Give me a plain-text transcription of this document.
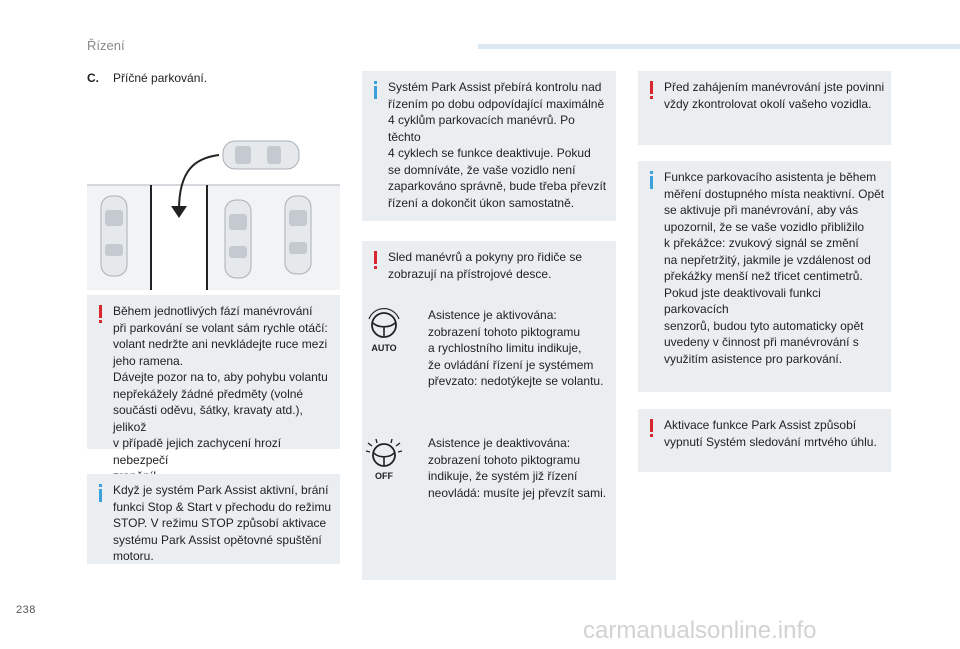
Řízení
C. Příčné parkování.
Během jednotlivých fází manévrování
při parkování se volant sám rychle otáčí:
volant nedržte ani nevkládejte ruce mezi
jeho ramena.
Dávejte pozor na to, aby pohybu volantu
nepřekážely žádné předměty (volné
součásti oděvu, šátky, kravaty atd.), jelikož
v případě jejich zachycení hrozí nebezpečí

Když je systém Park Assist aktivní, brání
funkci Stop & Start v přechodu do režimu
STOP. V režimu STOP způsobí aktivace
systému Park Assist opětovné spuštění
motoru.
Systém Park Assist přebírá kontrolu nad
řízením po dobu odpovídající maximálně
4 cyklům parkovacích manévrů. Po těchto
4 cyklech se funkce deaktivuje. Pokud
se domníváte, že vaše vozidlo není
zaparkováno správně, bude třeba převzít
řízení a dokončit úkon samostatně.
Sled manévrů a pokyny pro řidiče se
zobrazují na přístrojové desce.
AUTO
Asistence je aktivována:
zobrazení tohoto piktogramu
a rychlostního limitu indikuje,
že ovládání řízení je systémem
převzato: nedotýkejte se volantu.
OFF
Asistence je deaktivována:
zobrazení tohoto piktogramu
indikuje, že systém již řízení
neovládá: musíte jej převzít sami.
Před zahájením manévrování jste povinni
vždy zkontrolovat okolí vašeho vozidla.
Funkce parkovacího asistenta je během
měření dostupného místa neaktivní. Opět
se aktivuje při manévrování, aby vás
upozornil, že se vaše vozidlo přibližilo
k překážce: zvukový signál se změní
na nepřetržitý, jakmile je vzdálenost od
překážky menší než třicet centimetrů.
Pokud jste deaktivovali funkci parkovacích
senzorů, budou tyto automaticky opět
uvedeny v činnost při manévrování s
využitím asistence pro parkování.
Aktivace funkce Park Assist způsobí
vypnutí Systém sledování mrtvého úhlu.
238
carmanualsonline.info
